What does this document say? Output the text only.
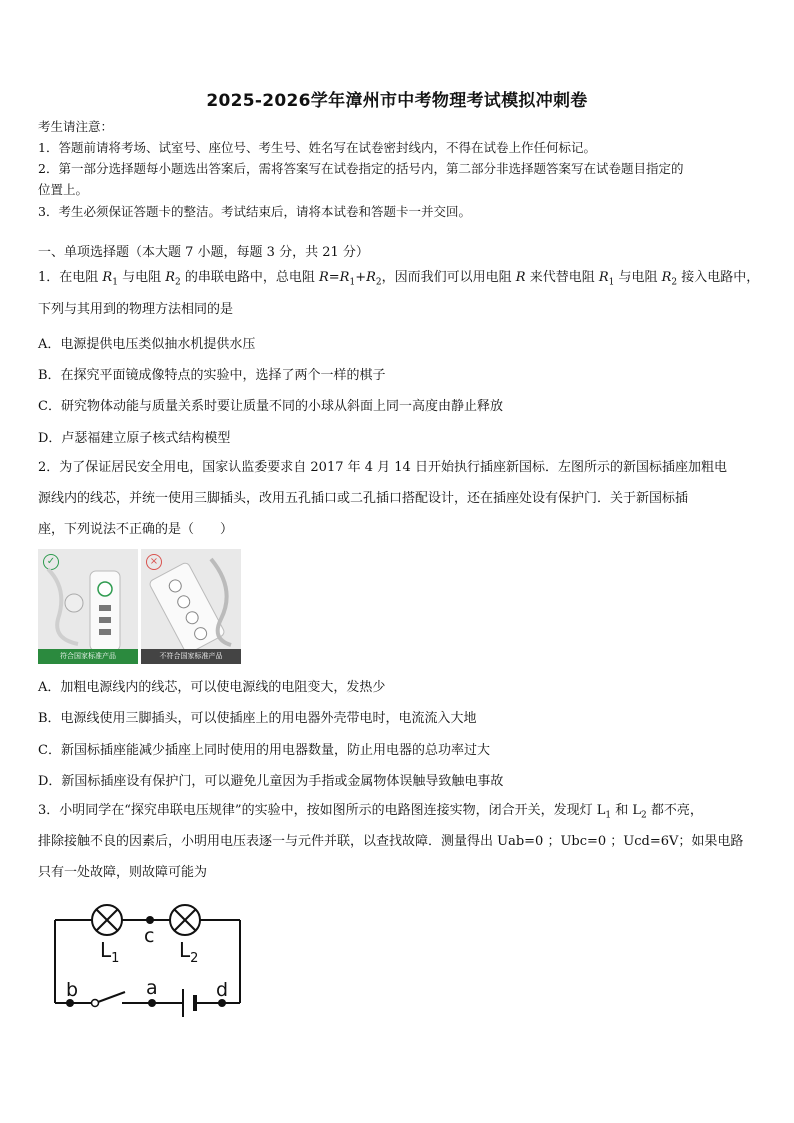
2025-2026学年漳州市中考物理考试模拟冲刺卷
考生请注意：
1．答题前请将考场、试室号、座位号、考生号、姓名写在试卷密封线内，不得在试卷上作任何标记。
2．第一部分选择题每小题选出答案后，需将答案写在试卷指定的括号内，第二部分非选择题答案写在试卷题目指定的
位置上。
3．考生必须保证答题卡的整洁。考试结束后，请将本试卷和答题卡一并交回。
一、单项选择题（本大题 7 小题，每题 3 分，共 21 分）
1．在电阻 $R_1$ 与电阻 $R_2$ 的串联电路中，总电阻 $R=R_1+R_2$，因而我们可以用电阻 R 来代替电阻 $R_1$ 与电阻 $R_2$ 接入电路中，
下列与其用到的物理方法相同的是
A．电源提供电压类似抽水机提供水压
B．在探究平面镜成像特点的实验中，选择了两个一样的棋子
C．研究物体动能与质量关系时要让质量不同的小球从斜面上同一高度由静止释放
D．卢瑟福建立原子核式结构模型
2．为了保证居民安全用电，国家认监委要求自 2017 年 4 月 14 日开始执行插座新国标．左图所示的新国标插座加粗电
源线内的线芯，并统一使用三脚插头，改用五孔插口或二孔插口搭配设计，还在插座处设有保护门．关于新国标插
座，下列说法不正确的是（　　）
✓
符合国家标准产品
×
不符合国家标准产品
A．加粗电源线内的线芯，可以使电源线的电阻变大，发热少
B．电源线使用三脚插头，可以使插座上的用电器外壳带电时，电流流入大地
C．新国标插座能减少插座上同时使用的用电器数量，防止用电器的总功率过大
D．新国标插座设有保护门，可以避免儿童因为手指或金属物体误触导致触电事故
3．小明同学在“探究串联电压规律”的实验中，按如图所示的电路图连接实物，闭合开关，发现灯 $L_1$ 和 $L_2$ 都不亮，
排除接触不良的因素后，小明用电压表逐一与元件并联，以查找故障．测量得出 Uab=0 ；Ubc=0 ；Ucd=6V；如果电路
只有一处故障，则故障可能为
$L_1$	$L_2$
c
b	a	d
